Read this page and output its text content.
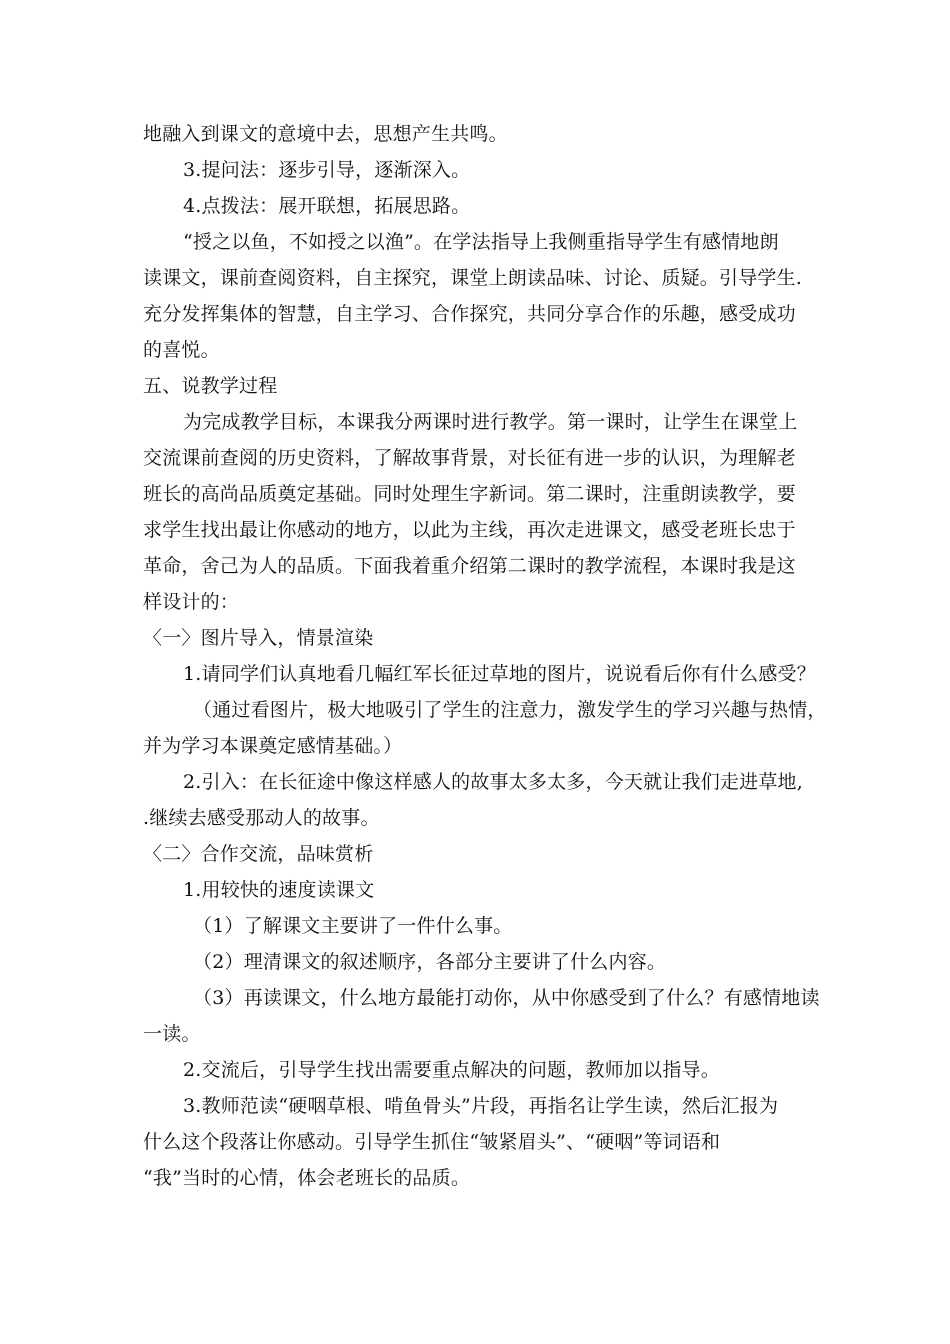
地融入到课文的意境中去，思想产生共鸣。
3.提问法：逐步引导，逐渐深入。
4.点拨法：展开联想，拓展思路。
“授之以鱼，不如授之以渔”。在学法指导上我侧重指导学生有感情地朗
读课文，课前查阅资料，自主探究，课堂上朗读品味、讨论、质疑。引导学生.
充分发挥集体的智慧，自主学习、合作探究，共同分享合作的乐趣，感受成功
的喜悦。
五、说教学过程
为完成教学目标，本课我分两课时进行教学。第一课时，让学生在课堂上
交流课前查阅的历史资料，了解故事背景，对长征有进一步的认识，为理解老
班长的高尚品质奠定基础。同时处理生字新词。第二课时，注重朗读教学，要
求学生找出最让你感动的地方，以此为主线，再次走进课文，感受老班长忠于
革命，舍己为人的品质。下面我着重介绍第二课时的教学流程，本课时我是这
样设计的：
〈一〉图片导入，情景渲染
1.请同学们认真地看几幅红军长征过草地的图片，说说看后你有什么感受？
（通过看图片，极大地吸引了学生的注意力，激发学生的学习兴趣与热情，
并为学习本课奠定感情基础。）
2.引入：在长征途中像这样感人的故事太多太多，今天就让我们走进草地,
.继续去感受那动人的故事。
〈二〉合作交流，品味赏析
1.用较快的速度读课文
（1）了解课文主要讲了一件什么事。
（2）理清课文的叙述顺序，各部分主要讲了什么内容。
（3）再读课文，什么地方最能打动你，从中你感受到了什么？有感情地读
一读。
2.交流后，引导学生找出需要重点解决的问题，教师加以指导。
3.教师范读“硬咽草根、啃鱼骨头”片段，再指名让学生读，然后汇报为
什么这个段落让你感动。引导学生抓住“皱紧眉头”、“硬咽”等词语和
“我”当时的心情，体会老班长的品质。
